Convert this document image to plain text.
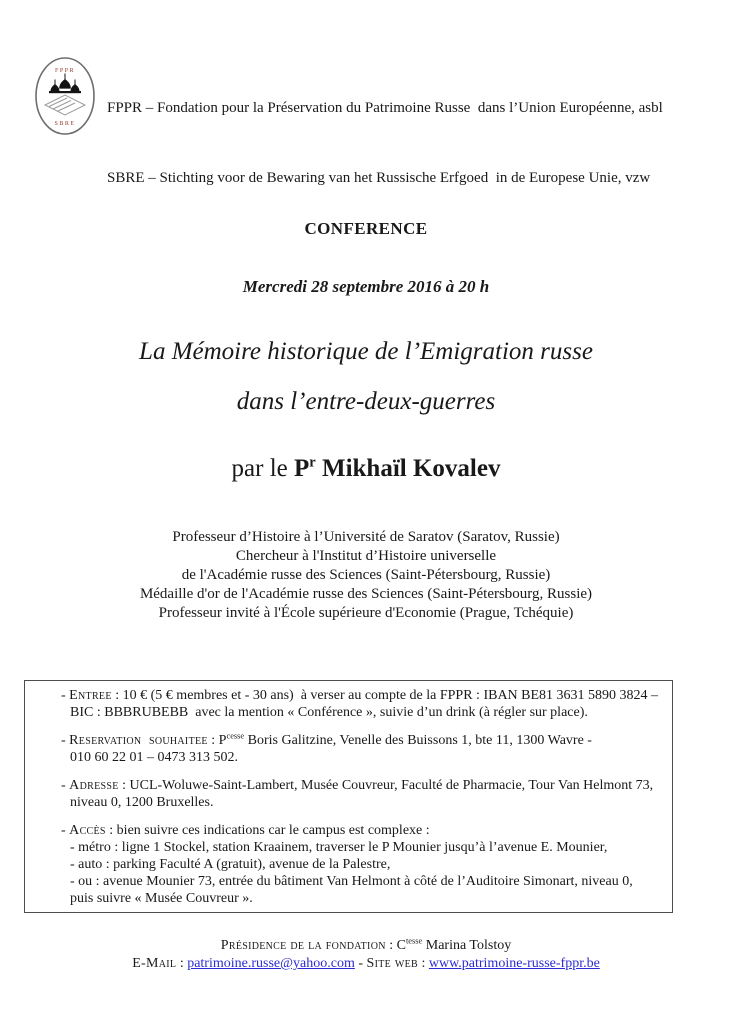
FPPR
SBRE

FPPR – Fondation pour la Préservation du Patrimoine Russe  dans l’Union Européenne, asbl

SBRE – Stichting voor de Bewaring van het Russische Erfgoed  in de Europese Unie, vzw

CONFERENCE
Mercredi 28 septembre 2016 à 20 h
La Mémoire historique de l’Emigration russe
dans l’entre-deux-guerres
par le $P^r$ Mikhaïl Kovalev
Professeur d’Histoire à l’Université de Saratov (Saratov, Russie)
Chercheur à l'Institut d’Histoire universelle
de l'Académie russe des Sciences (Saint-Pétersbourg, Russie)
Médaille d'or de l'Académie russe des Sciences (Saint-Pétersbourg, Russie)
Professeur invité à l'École supérieure d'Economie (Prague, Tchéquie)
- Entree : 10 € (5 € membres et - 30 ans)  à verser au compte de la FPPR : IBAN BE81 3631 5890 3824 –
BIC : BBBRUBEBB  avec la mention « Conférence », suivie d’un drink (à régler sur place).
- Reservation  souhaitee : $P^{cesse}$ Boris Galitzine, Venelle des Buissons 1, bte 11, 1300 Wavre -
010 60 22 01 – 0473 313 502.
- Adresse : UCL-Woluwe-Saint-Lambert, Musée Couvreur, Faculté de Pharmacie, Tour Van Helmont 73,
niveau 0, 1200 Bruxelles.
- Accès : bien suivre ces indications car le campus est complexe :
- métro : ligne 1 Stockel, station Kraainem, traverser le P Mounier jusqu’à l’avenue E. Mounier,
- auto : parking Faculté A (gratuit), avenue de la Palestre,
- ou : avenue Mounier 73, entrée du bâtiment Van Helmont à côté de l’Auditoire Simonart, niveau 0,
puis suivre « Musée Couvreur ».
Présidence de la fondation : $C^{tesse}$ Marina Tolstoy
E-Mail : patrimoine.russe@yahoo.com - Site web : www.patrimoine-russe-fppr.be
